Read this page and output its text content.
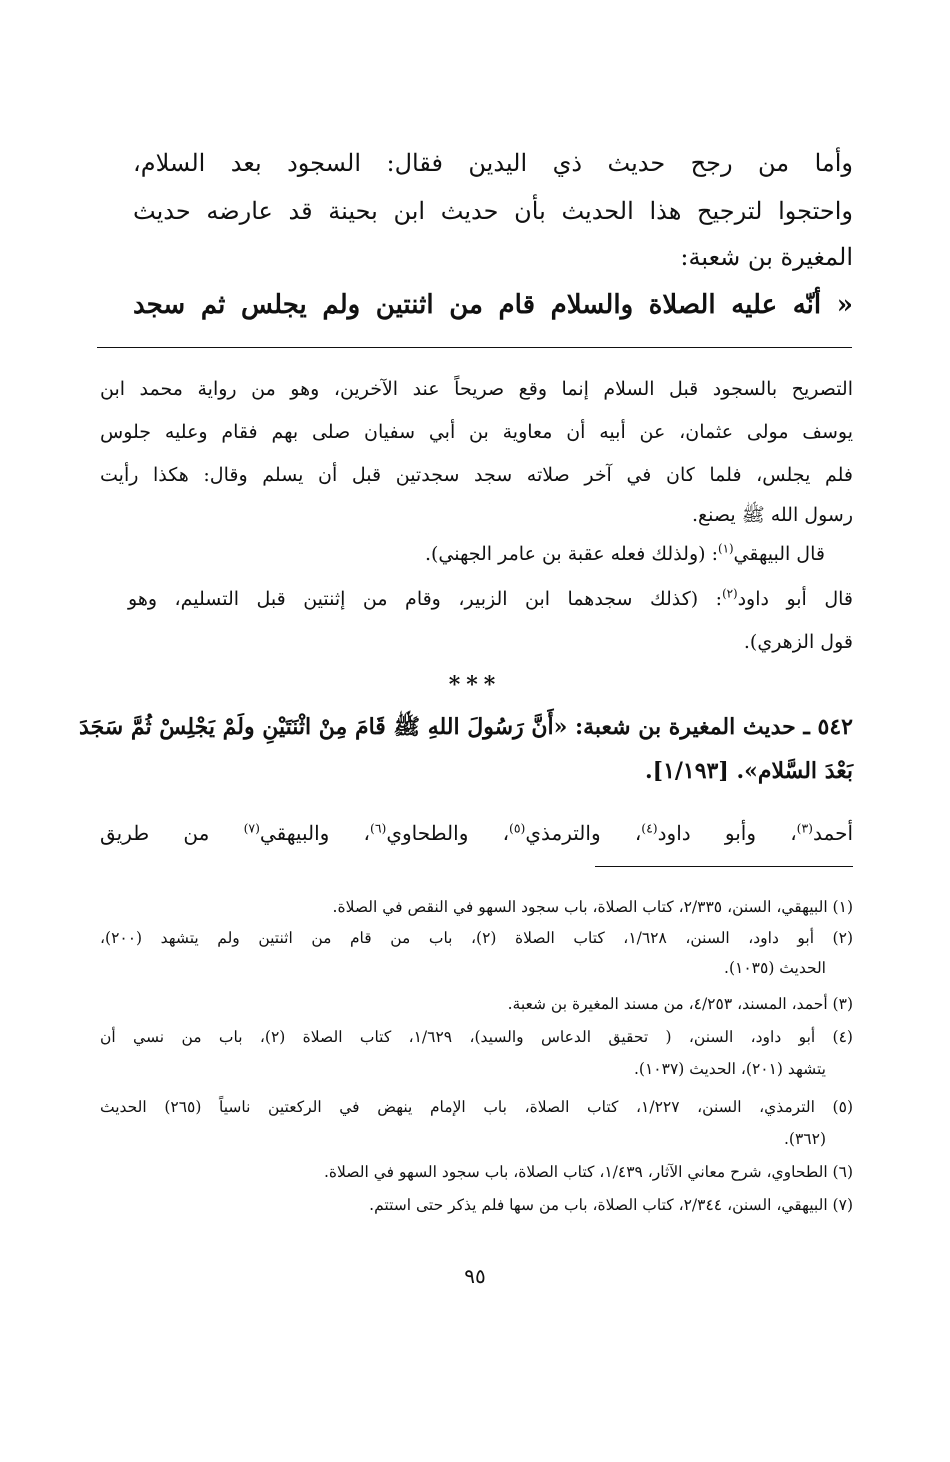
وأما من رجح حديث ذي اليدين فقال: السجود بعد السلام،
واحتجوا لترجيح هذا الحديث بأن حديث ابن بحينة قد عارضه حديث
المغيرة بن شعبة:
« أنّه عليه الصلاة والسلام قام من اثنتين ولم يجلس ثم سجد
التصريح بالسجود قبل السلام إنما وقع صريحاً عند الآخرين، وهو من رواية محمد ابن
يوسف مولى عثمان، عن أبيه أن معاوية بن أبي سفيان صلى بهم فقام وعليه جلوس
فلم يجلس، فلما كان في آخر صلاته سجد سجدتين قبل أن يسلم وقال: هكذا رأيت
رسول الله ﷺ يصنع.
قال البيهقي$^{(١)}$: (ولذلك فعله عقبة بن عامر الجهني).
قال أبو داود$^{(٢)}$: (كذلك سجدهما ابن الزبير، وقام من إثنتين قبل التسليم، وهو
قول الزهري).
***
٥٤٢ ـ حديث المغيرة بن شعبة: «أَنَّ رَسُولَ اللهِ ﷺ قَامَ مِنْ اثْنَتَيْنِ ولَمْ يَجْلِسْ ثُمَّ سَجَدَ
بَعْدَ السَّلام». [١/١٩٣].
أحمد$^{(٣)}$، وأبو داود$^{(٤)}$، والترمذي$^{(٥)}$، والطحاوي$^{(٦)}$، والبيهقي$^{(٧)}$ من طريق
(١) البيهقي، السنن، ٢/٣٣٥، كتاب الصلاة، باب سجود السهو في النقص في الصلاة.
(٢) أبو داود، السنن، ١/٦٢٨، كتاب الصلاة (٢)، باب من قام من اثنتين ولم يتشهد (٢٠٠)،
الحديث (١٠٣٥).
(٣) أحمد، المسند، ٤/٢٥٣، من مسند المغيرة بن شعبة.
(٤) أبو داود، السنن، ( تحقيق الدعاس والسيد)، ١/٦٢٩، كتاب الصلاة (٢)، باب من نسي أن
يتشهد (٢٠١)، الحديث (١٠٣٧).
(٥) الترمذي، السنن، ١/٢٢٧، كتاب الصلاة، باب الإمام ينهض في الركعتين ناسياً (٢٦٥) الحديث
(٣٦٢).
(٦) الطحاوي، شرح معاني الآثار، ١/٤٣٩، كتاب الصلاة، باب سجود السهو في الصلاة.
(٧) البيهقي، السنن، ٢/٣٤٤، كتاب الصلاة، باب من سها فلم يذكر حتى استتم.
٩٥
